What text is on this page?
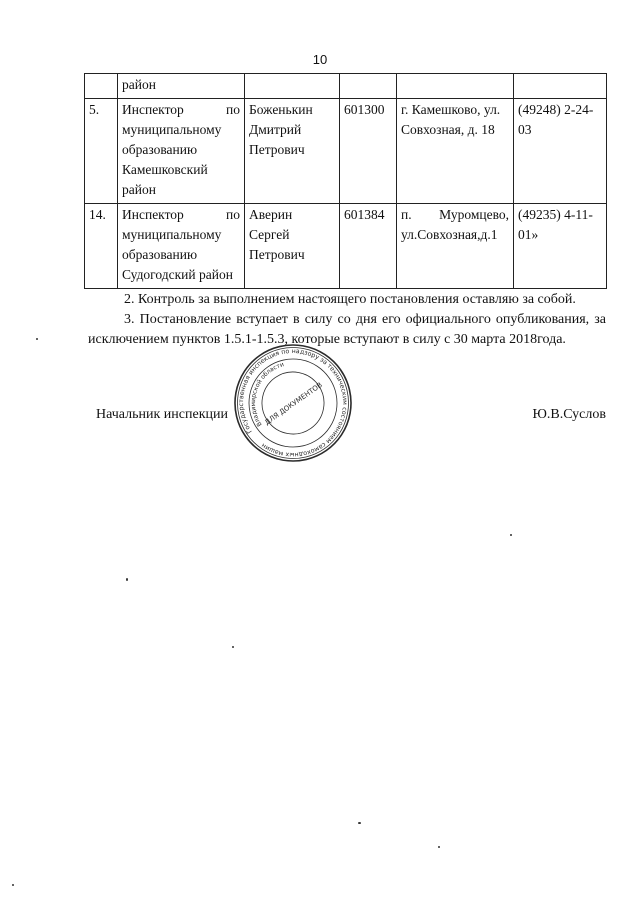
10
	район				
5.	Инспектор по муниципальному образованию Камешковский район	Боженькин Дмитрий Петрович	601300	г. Камешково, ул. Совхозная, д. 18	(49248) 2-24-03
14.	Инспектор по муниципальному образованию Судогодский район	Аверин Сергей Петрович	601384	п. Муромцево, ул.Совхозная,д.1	(49235) 4-11-01»

2. Контроль за выполнением настоящего постановления оставляю за собой.

3. Постановление вступает в силу со дня его официального опубликования, за исключением пунктов 1.5.1-1.5.3, которые вступают в силу с 30 марта 2018года.

Начальник инспекции	Ю.В.Суслов
Государственная инспекция по надзору за техническим состоянием самоходных машин
Владимирской области
ДЛЯ ДОКУМЕНТОВ
